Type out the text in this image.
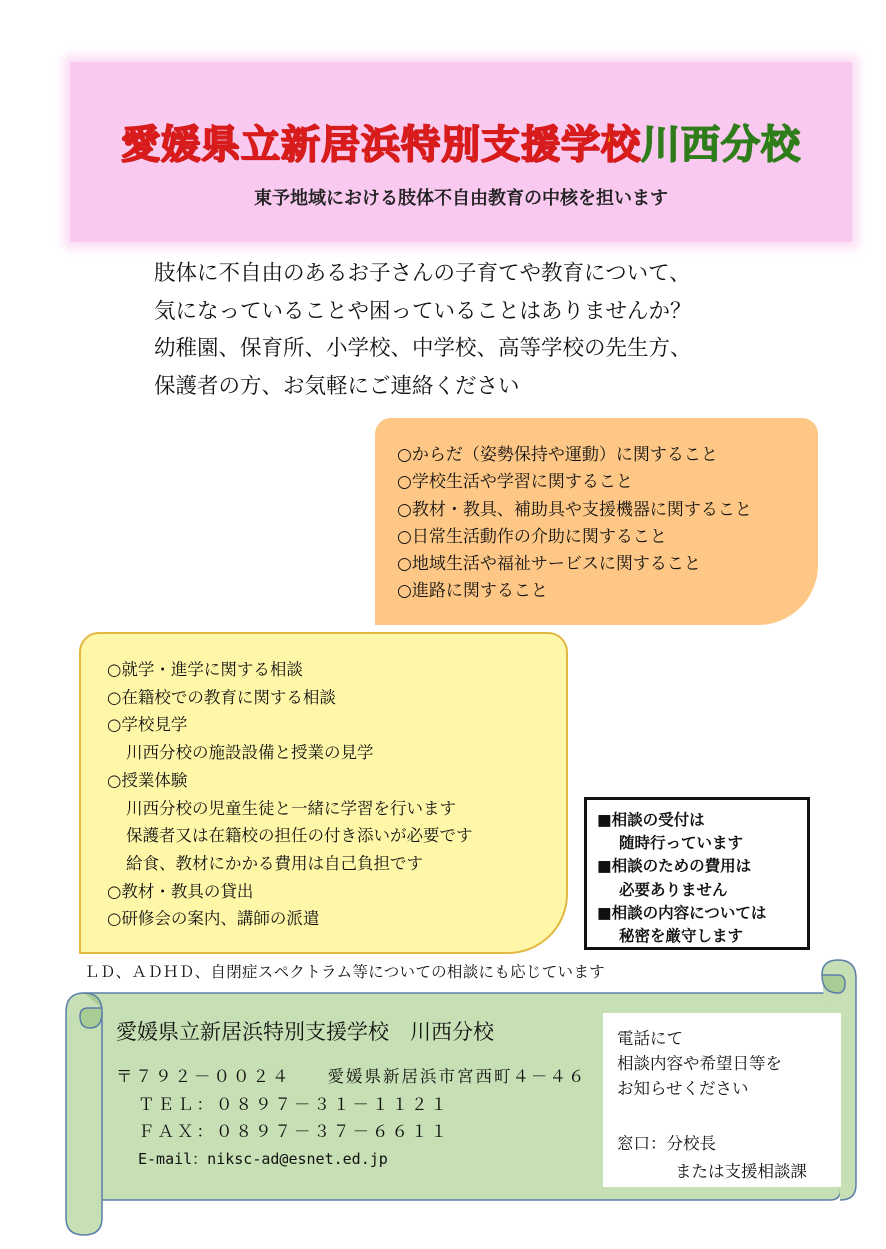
愛媛県立新居浜特別支援学校川西分校
東予地域における肢体不自由教育の中核を担います
肢体に不自由のあるお子さんの子育てや教育について、
気になっていることや困っていることはありませんか？
幼稚園、保育所、小学校、中学校、高等学校の先生方、
保護者の方、お気軽にご連絡ください
○からだ（姿勢保持や運動）に関すること
○学校生活や学習に関すること
○教材・教具、補助具や支援機器に関すること
○日常生活動作の介助に関すること
○地域生活や福祉サービスに関すること
○進路に関すること
○就学・進学に関する相談
○在籍校での教育に関する相談
○学校見学
川西分校の施設設備と授業の見学
○授業体験
川西分校の児童生徒と一緒に学習を行います
保護者又は在籍校の担任の付き添いが必要です
給食、教材にかかる費用は自己負担です
○教材・教具の貸出
○研修会の案内、講師の派遣
■相談の受付は
随時行っています
■相談のための費用は
必要ありません
■相談の内容については
秘密を厳守します
ＬＤ、ＡＤＨＤ、自閉症スペクトラム等についての相談にも応じています
愛媛県立新居浜特別支援学校　川西分校
〒７９２－００２４ 愛媛県新居浜市宮西町４－４６
ＴＥＬ：０８９７－３１－１１２１
ＦＡＸ：０８９７－３７－６６１１
E-mail：niksc-ad@esnet.ed.jp
電話にて
相談内容や希望日等を
お知らせください
窓口：分校長
または支援相談課
